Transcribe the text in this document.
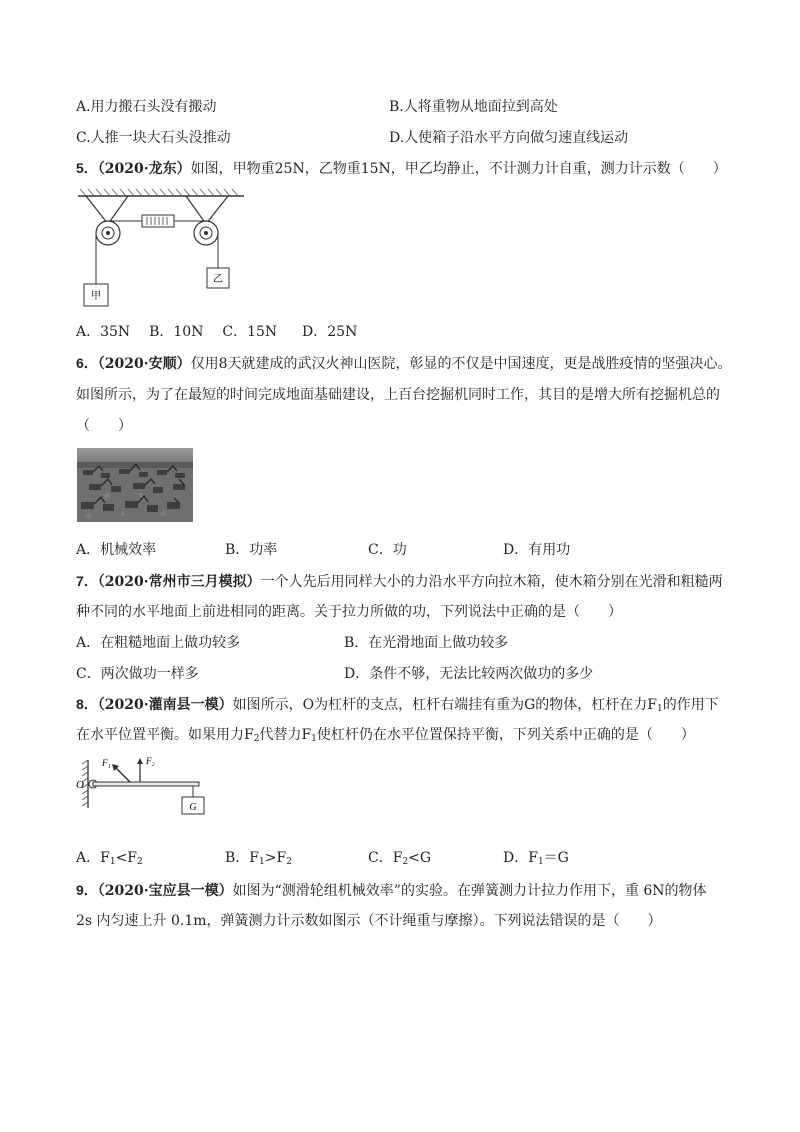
A.用力搬石头没有搬动	B.人将重物从地面拉到高处
C.人推一块大石头没推动	D.人使箱子沿水平方向做匀速直线运动
5．（2020·龙东）如图，甲物重25N，乙物重15N，甲乙均静止，不计测力计自重，测力计示数（　　）
甲
乙
A．35N B．10N C．15N D．25N
6．（2020·安顺）仅用8天就建成的武汉火神山医院，彰显的不仅是中国速度，更是战胜疫情的坚强决心。
如图所示，为了在最短的时间完成地面基础建设，上百台挖掘机同时工作，其目的是增大所有挖掘机总的
（　　）
A．机械效率	B．功率	C．功	D．有用功
7．（2020·常州市三月模拟）一个人先后用同样大小的力沿水平方向拉木箱，使木箱分别在光滑和粗糙两
种不同的水平地面上前进相同的距离。关于拉力所做的功，下列说法中正确的是（　　）
A．在粗糙地面上做功较多	B．在光滑地面上做功较多
C．两次做功一样多	D．条件不够，无法比较两次做功的多少
8．（2020·灌南县一模）如图所示，O为杠杆的支点，杠杆右端挂有重为G的物体，杠杆在力$F_1$的作用下
在水平位置平衡。如果用力$F_2$代替力$F_1$使杠杆仍在水平位置保持平衡，下列关系中正确的是（　　）
O
F₁	F₂
G
A．$F_1<F_2$	B．$F_1>F_2$	C．$F_2<G$	D．$F_1=G$
9．（2020·宝应县一模）如图为“测滑轮组机械效率”的实验。在弹簧测力计拉力作用下，重 6N的物体
2s 内匀速上升 0.1m，弹簧测力计示数如图示（不计绳重与摩擦）。下列说法错误的是（　　）
